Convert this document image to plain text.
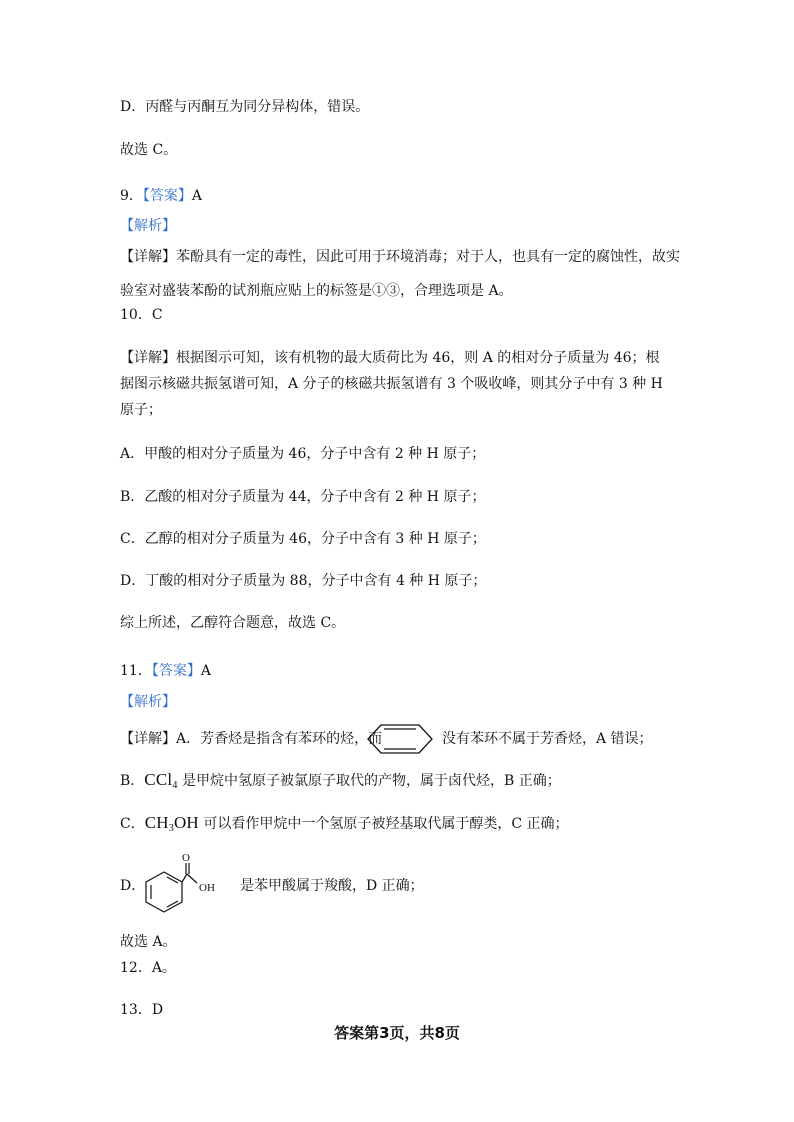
D．丙醛与丙酮互为同分异构体，错误。
故选 C。
9．【答案】A
【解析】
【详解】苯酚具有一定的毒性，因此可用于环境消毒；对于人，也具有一定的腐蚀性，故实
验室对盛装苯酚的试剂瓶应贴上的标签是①③，合理选项是 A。
10．C
【详解】根据图示可知，该有机物的最大质荷比为 46，则 A 的相对分子质量为 46；根
据图示核磁共振氢谱可知，A 分子的核磁共振氢谱有 3 个吸收峰，则其分子中有 3 种 H
原子；
A．甲酸的相对分子质量为 46，分子中含有 2 种 H 原子；
B．乙酸的相对分子质量为 44，分子中含有 2 种 H 原子；
C．乙醇的相对分子质量为 46，分子中含有 3 种 H 原子；
D．丁酸的相对分子质量为 88，分子中含有 4 种 H 原子；
综上所述，乙醇符合题意，故选 C。
11．【答案】A
【解析】
【详解】A．芳香烃是指含有苯环的烃，而	没有苯环不属于芳香烃，A 错误；
B．CCl$_4$ 是甲烷中氢原子被氯原子取代的产物，属于卤代烃，B 正确；
C．$CH_3OH$ 可以看作甲烷中一个氢原子被羟基取代属于醇类，C 正确；
D．
O
OH 是苯甲酸属于羧酸，D 正确；
故选 A。
12．A。
13．D
答案第3页，共8页
